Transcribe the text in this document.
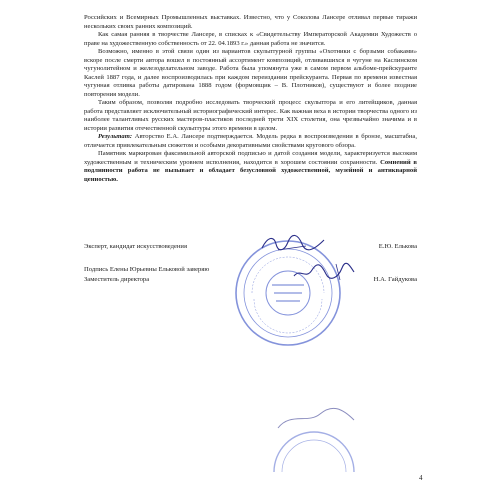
Российских и Всемирных Промышленных выставках. Известно, что у Соколова Лансере отливал первые тиражи нескольких своих ранних композиций.

Как самая ранняя в творчестве Лансере, в списках к «Свидетельству Императорской Академии Художеств о праве на художественную собственность от 22. 04.1893 г.» данная работа не значится.

Возможно, именно в этой связи один из вариантов скульптурной группы «Охотники с борзыми собаками» вскоре после смерти автора вошел в постоянный ассортимент композиций, отливавшихся в чугуне на Каслинском чугунолитейном и железоделательном заводе. Работа была упомянута уже в самом первом альбоме-прейскуранте Каслей 1887 года, и далее воспроизводилась при каждом переиздании прейскуранта. Первая по времени известная чугунная отливка работы датирована 1888 годом (формовщик – В. Плотников), существуют и более поздние повторения модели.

Таким образом, позволяя подробно исследовать творческий процесс скульптора и его литейщиков, данная работа представляет исключительный историографический интерес. Как важная веха в истории творчества одного из наиболее талантливых русских мастеров-пластиков последней трети XIX столетия, она чрезвычайно значима и в истории развития отечественной скульптуры этого времени в целом.

Результат: Авторство Е.А. Лансере подтверждается. Модель редка в воспроизведении в бронзе, масштабна, отличается привлекательным сюжетом и особыми декоративными свойствами кругового обзора.

Памятник маркирован факсимильной авторской подписью и датой создания модели, характеризуется высоким художественным и техническим уровнем исполнения, находится в хорошем состоянии сохранности. Сомнений в подлинности работа не вызывает и обладает безусловной художественной, музейной и антикварной ценностью.

Эксперт, кандидат искусствоведения	Е.Ю. Елькова
Подпись Елены Юрьевны Ельковой заверяю
Заместитель директора	Н.А. Гайдукова
4
